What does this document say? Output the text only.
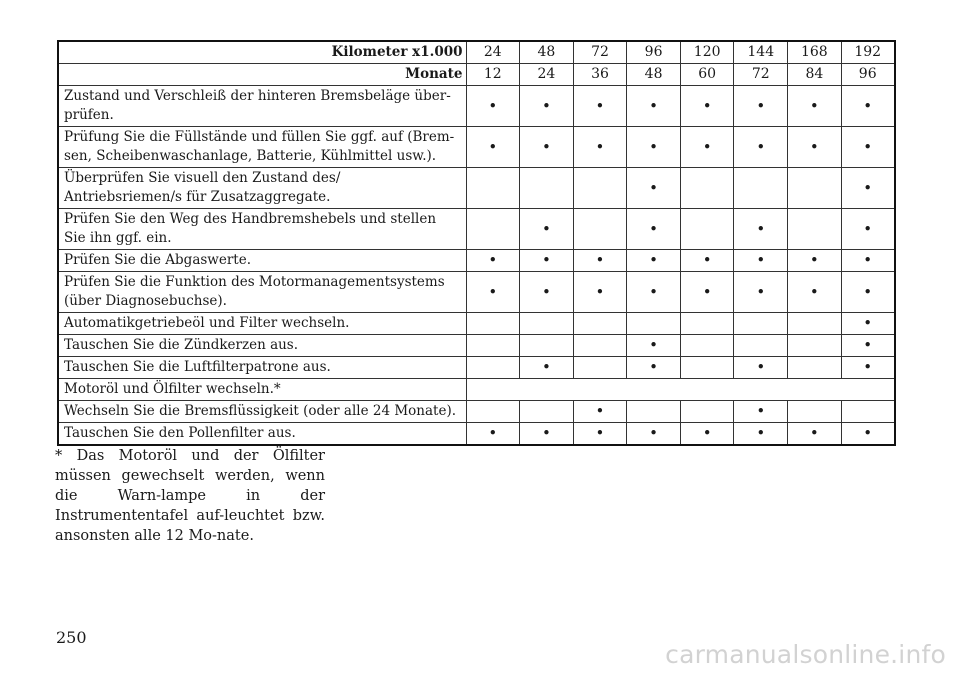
Kilometer x1.000	24	48	72	96	120	144	168	192
Monate	12	24	36	48	60	72	84	96
Zustand und Verschleiß der hinteren Bremsbeläge über-prüfen.	•	•	•	•	•	•	•	•
Prüfung Sie die Füllstände und füllen Sie ggf. auf (Brem-sen, Scheibenwaschanlage, Batterie, Kühlmittel usw.).	•	•	•	•	•	•	•	•
Überprüfen Sie visuell den Zustand des/ Antriebsriemen/s für Zusatzaggregate.				•				•
Prüfen Sie den Weg des Handbremshebels und stellen Sie ihn ggf. ein.		•		•		•		•
Prüfen Sie die Abgaswerte.	•	•	•	•	•	•	•	•
Prüfen Sie die Funktion des Motormanagementsystems (über Diagnosebuchse).	•	•	•	•	•	•	•	•
Automatikgetriebeöl und Filter wechseln.								•
Tauschen Sie die Zündkerzen aus.				•				•
Tauschen Sie die Luftfilterpatrone aus.		•		•		•		•
Motoröl und Ölfilter wechseln.*								
Wechseln Sie die Bremsflüssigkeit (oder alle 24 Monate).			•			•		
Tauschen Sie den Pollenfilter aus.	•	•	•	•	•	•	•	•

* Das Motoröl und der Ölfilter müssen gewechselt werden, wenn die Warn-lampe in der Instrumententafel auf-leuchtet bzw. ansonsten alle 12 Mo-nate.

250
carmanualsonline.info
